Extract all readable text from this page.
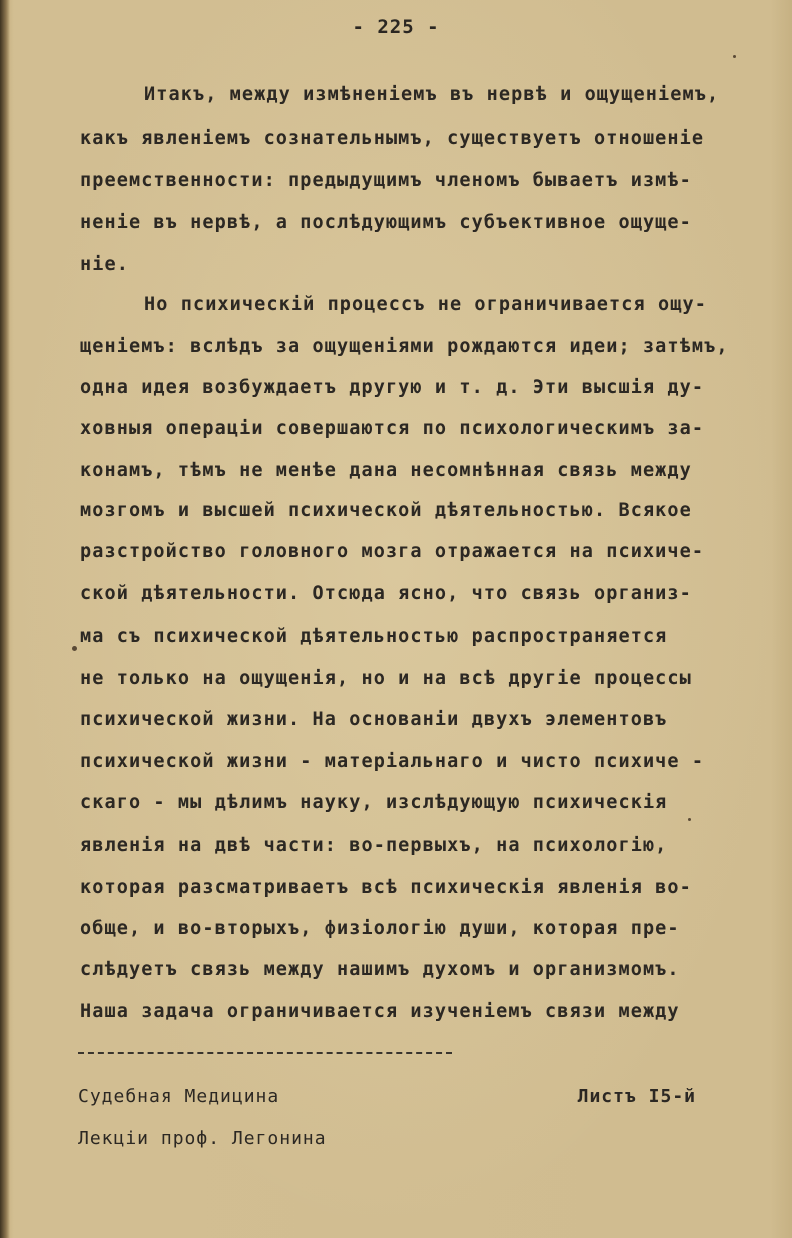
- 225 -
Итакъ, между измѣненіемъ въ нервѣ и ощущеніемъ,
какъ явленіемъ сознательнымъ, существуетъ отношеніе
преемственности: предыдущимъ членомъ бываетъ измѣ-
неніе въ нервѣ, а послѣдующимъ субъективное ощуще-
ніе.
Но психическій процессъ не ограничивается ощу-
щеніемъ: вслѣдъ за ощущеніями рождаются идеи; затѣмъ,
одна идея возбуждаетъ другую и т. д. Эти высшія ду-
ховныя операціи совершаются по психологическимъ за-
конамъ, тѣмъ не менѣе дана несомнѣнная связь между
мозгомъ и высшей психической дѣятельностью. Всякое
разстройство головного мозга отражается на психиче-
ской дѣятельности. Отсюда ясно, что связь организ-
ма съ психической дѣятельностью распространяется
не только на ощущенія, но и на всѣ другіе процессы
психической жизни. На основаніи двухъ элементовъ
психической жизни - матеріальнаго и чисто психиче -
скаго - мы дѣлимъ науку, изслѣдующую психическія
явленія на двѣ части: во-первыхъ, на психологію,
которая разсматриваетъ всѣ психическія явленія во-
обще, и во-вторыхъ, физіологію души, которая пре-
слѣдуетъ связь между нашимъ духомъ и организмомъ.
Наша задача ограничивается изученіемъ связи между
Судебная Медицина	Листъ I5-й
Лекціи проф. Легонина
